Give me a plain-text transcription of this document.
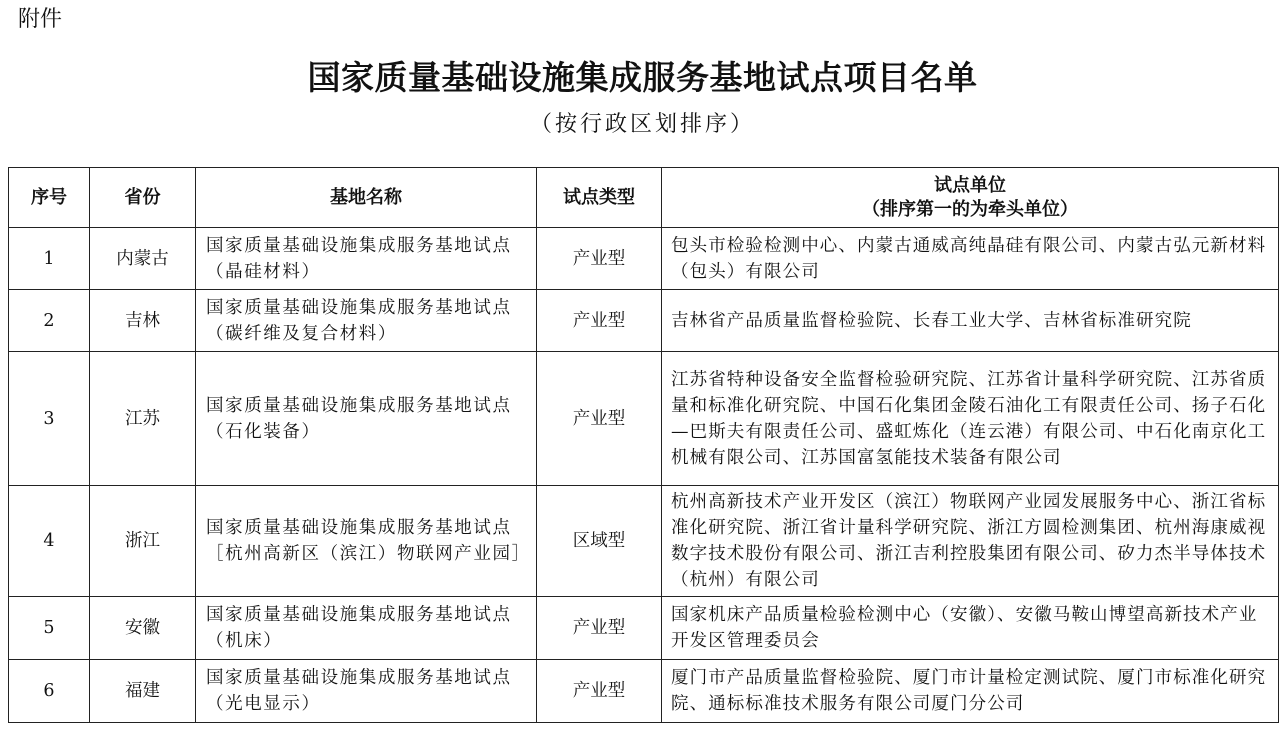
附件
国家质量基础设施集成服务基地试点项目名单
（按行政区划排序）
序号	省份	基地名称	试点类型	试点单位
（排序第一的为牵头单位）

1	内蒙古	国家质量基础设施集成服务基地试点（晶硅材料）	产业型	包头市检验检测中心、内蒙古通威高纯晶硅有限公司、内蒙古弘元新材料（包头）有限公司
2	吉林	国家质量基础设施集成服务基地试点（碳纤维及复合材料）	产业型	吉林省产品质量监督检验院、长春工业大学、吉林省标准研究院
3	江苏	国家质量基础设施集成服务基地试点（石化装备）	产业型	江苏省特种设备安全监督检验研究院、江苏省计量科学研究院、江苏省质量和标准化研究院、中国石化集团金陵石油化工有限责任公司、扬子石化—巴斯夫有限责任公司、盛虹炼化（连云港）有限公司、中石化南京化工机械有限公司、江苏国富氢能技术装备有限公司
4	浙江	国家质量基础设施集成服务基地试点［杭州高新区（滨江）物联网产业园］	区域型	杭州高新技术产业开发区（滨江）物联网产业园发展服务中心、浙江省标准化研究院、浙江省计量科学研究院、浙江方圆检测集团、杭州海康威视数字技术股份有限公司、浙江吉利控股集团有限公司、矽力杰半导体技术（杭州）有限公司
5	安徽	国家质量基础设施集成服务基地试点（机床）	产业型	国家机床产品质量检验检测中心（安徽）、安徽马鞍山博望高新技术产业开发区管理委员会
6	福建	国家质量基础设施集成服务基地试点（光电显示）	产业型	厦门市产品质量监督检验院、厦门市计量检定测试院、厦门市标准化研究院、通标标准技术服务有限公司厦门分公司
